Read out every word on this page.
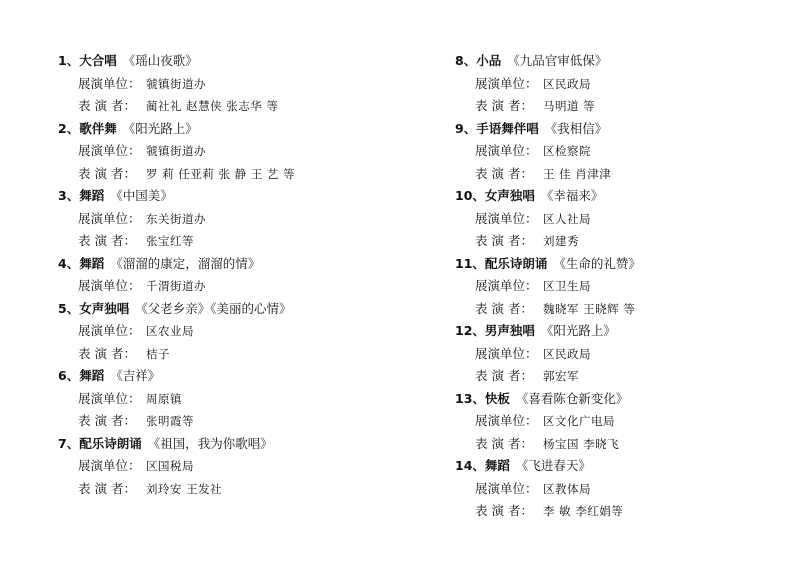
1、大合唱 《瑶山夜歌》
展演单位： 虢镇街道办
表 演 者： 蔺社礼 赵慧侠 张志华 等
2、歌伴舞 《阳光路上》
展演单位： 虢镇街道办
表 演 者： 罗 莉 任亚莉 张 静 王 艺 等
3、舞蹈 《中国美》
展演单位： 东关街道办
表 演 者： 张宝红等
4、舞蹈 《溜溜的康定，溜溜的情》
展演单位： 千渭街道办
5、女声独唱 《父老乡亲》《美丽的心情》
展演单位： 区农业局
表 演 者： 桔子
6、舞蹈 《吉祥》
展演单位： 周原镇
表 演 者： 张明霞等
7、配乐诗朗诵 《祖国，我为你歌唱》
展演单位： 区国税局
表 演 者： 刘玲安 王发社
8、小品 《九品官审低保》
展演单位： 区民政局
表 演 者： 马明道 等
9、手语舞伴唱 《我相信》
展演单位： 区检察院
表 演 者： 王 佳 肖津津
10、女声独唱 《幸福来》
展演单位： 区人社局
表 演 者： 刘建秀
11、配乐诗朗诵 《生命的礼赞》
展演单位： 区卫生局
表 演 者： 魏晓军 王晓辉 等
12、男声独唱 《阳光路上》
展演单位： 区民政局
表 演 者： 郭宏军
13、快板 《喜看陈仓新变化》
展演单位： 区文化广电局
表 演 者： 杨宝国 李晓飞
14、舞蹈 《飞进春天》
展演单位： 区教体局
表 演 者： 李 敏 李红娟等
